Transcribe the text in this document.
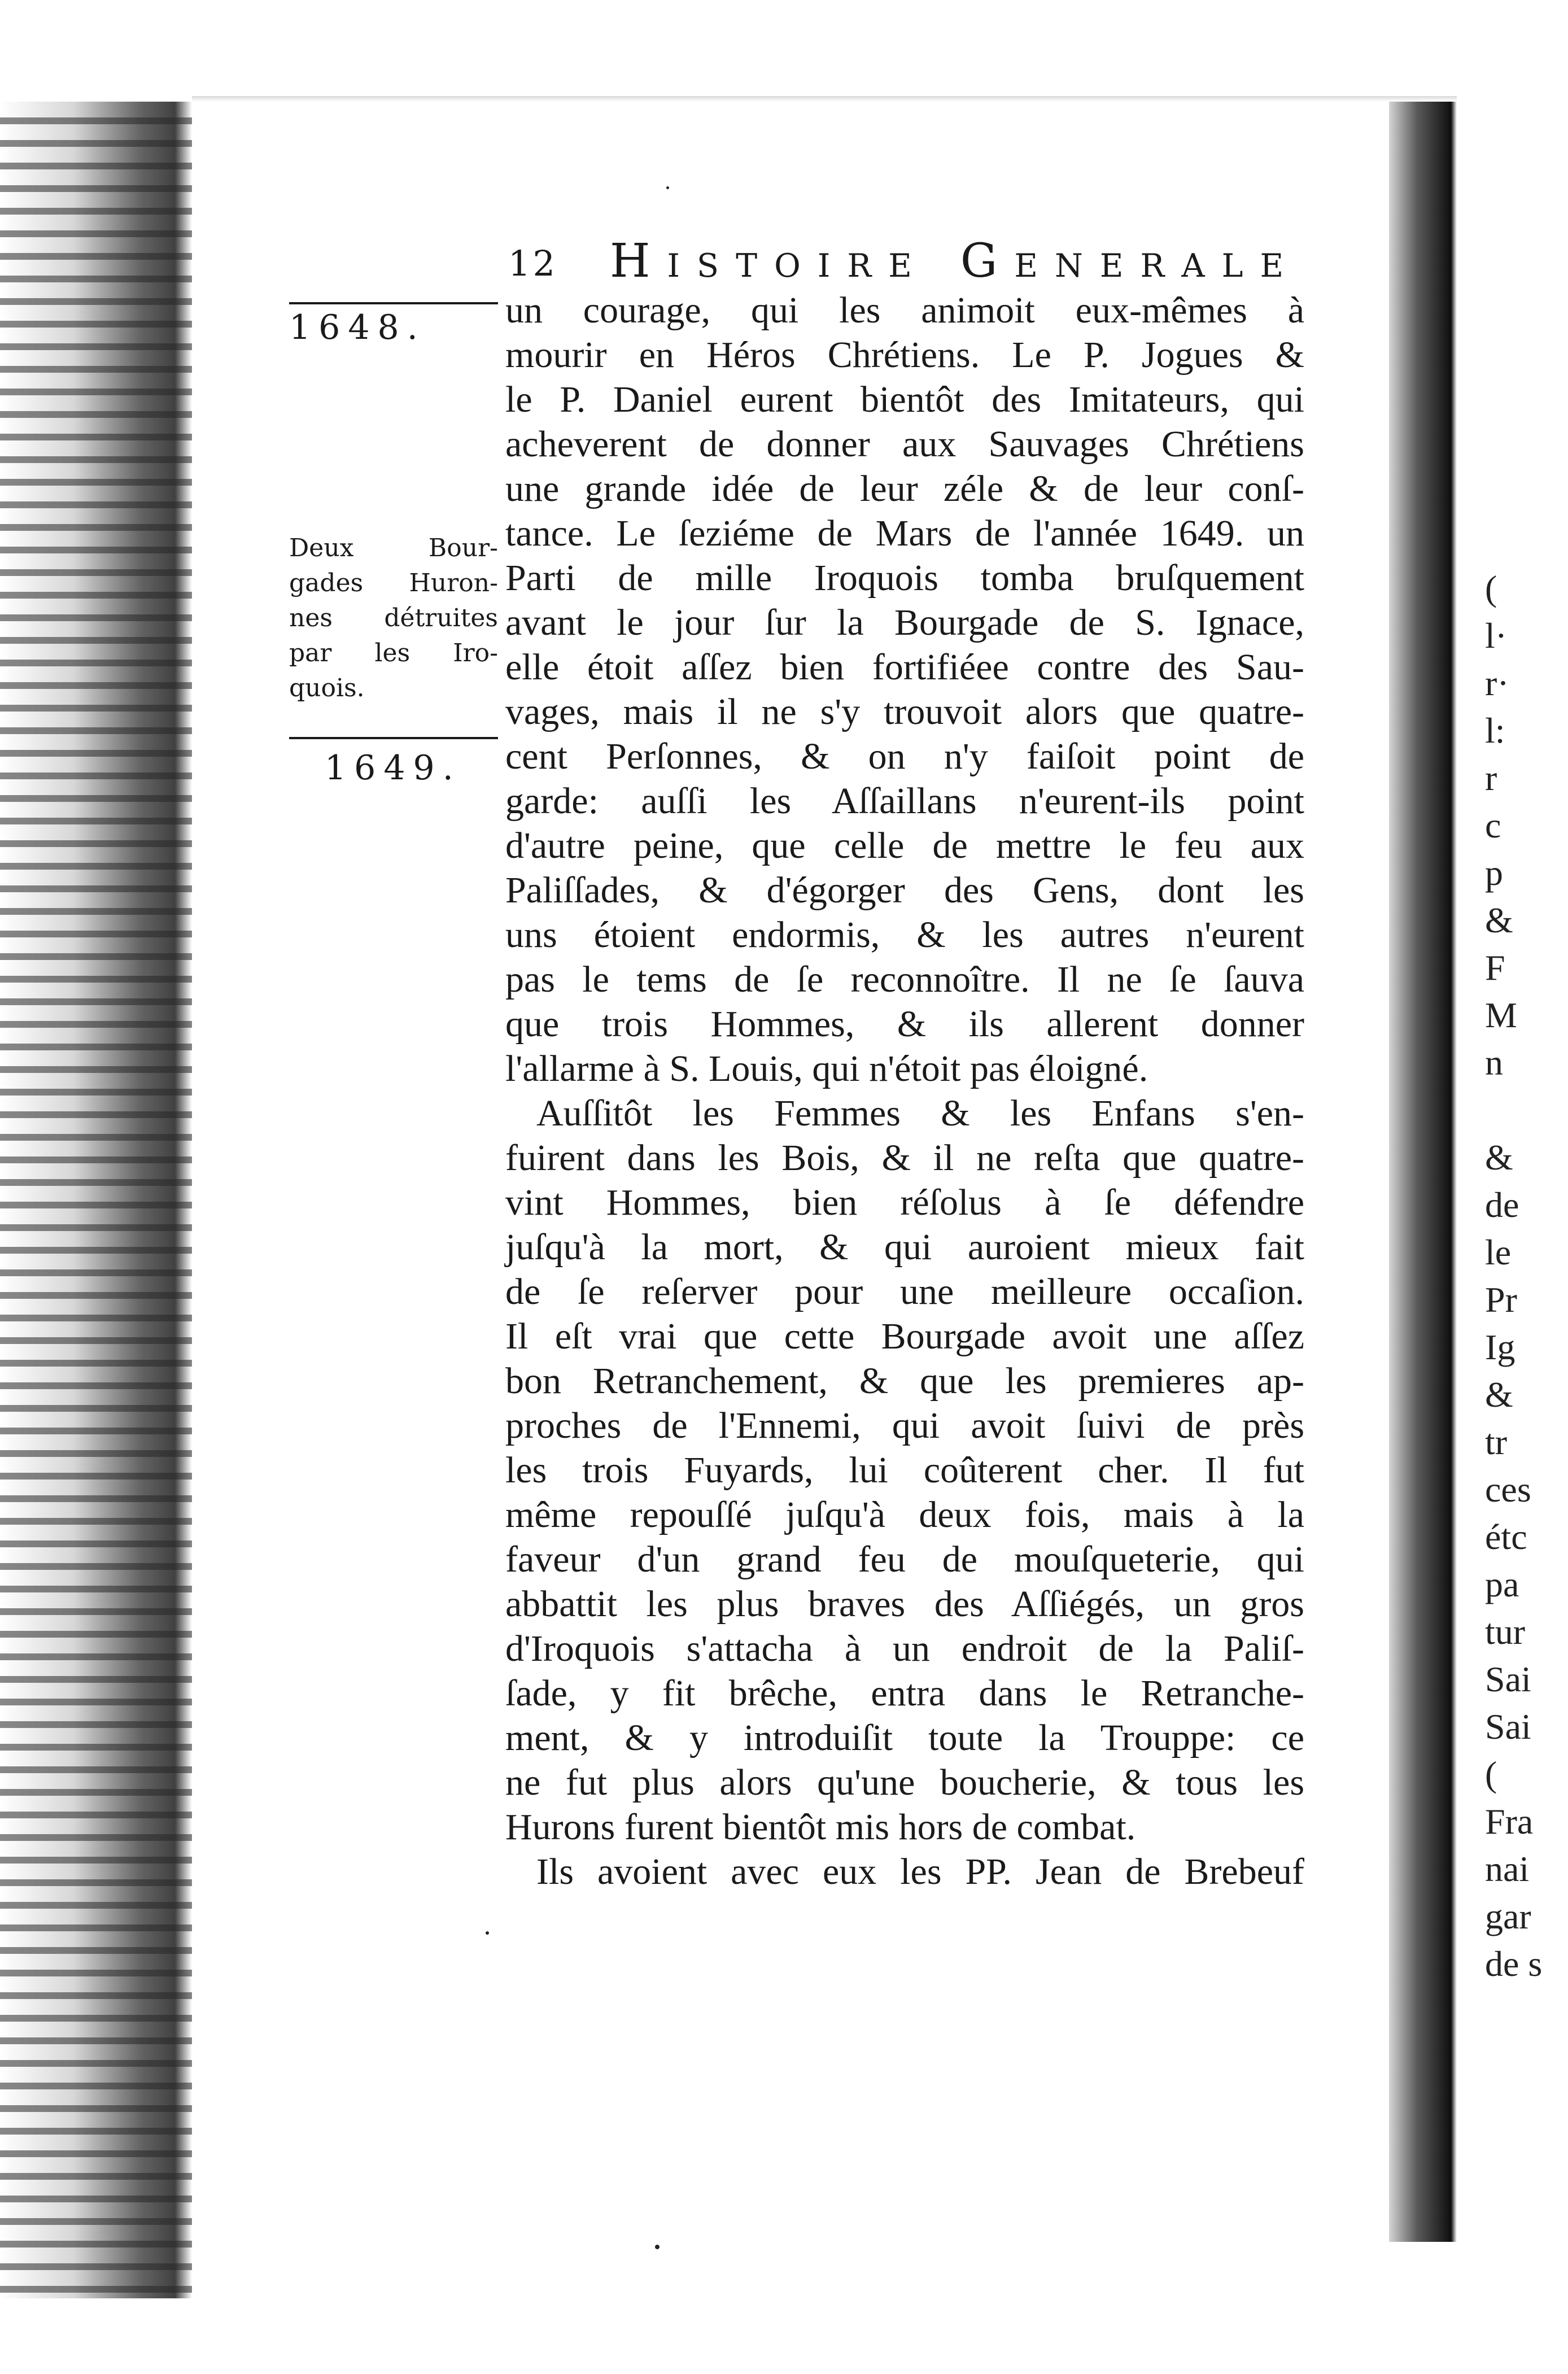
12 Histoire Generale
1648.
Deux Bour-
gades Huron-
nes détruites
par les Iro-
quois.
1649.
un courage, qui les animoit eux-mêmes à
mourir en Héros Chrétiens. Le P. Jogues &
le P. Daniel eurent bientôt des Imitateurs, qui
acheverent de donner aux Sauvages Chrétiens
une grande idée de leur zéle & de leur conſ-
tance. Le ſeziéme de Mars de l'année 1649. un
Parti de mille Iroquois tomba bruſquement
avant le jour ſur la Bourgade de S. Ignace,
elle étoit aſſez bien fortifiéee contre des Sau-
vages, mais il ne s'y trouvoit alors que quatre-
cent Perſonnes, & on n'y faiſoit point de
garde: auſſi les Aſſaillans n'eurent-ils point
d'autre peine, que celle de mettre le feu aux
Paliſſades, & d'égorger des Gens, dont les
uns étoient endormis, & les autres n'eurent
pas le tems de ſe reconnoître. Il ne ſe ſauva
que trois Hommes, & ils allerent donner
l'allarme à S. Louis, qui n'étoit pas éloigné.
Auſſitôt les Femmes & les Enfans s'en-
fuirent dans les Bois, & il ne reſta que quatre-
vint Hommes, bien réſolus à ſe défendre
juſqu'à la mort, & qui auroient mieux fait
de ſe reſerver pour une meilleure occaſion.
Il eſt vrai que cette Bourgade avoit une aſſez
bon Retranchement, & que les premieres ap-
proches de l'Ennemi, qui avoit ſuivi de près
les trois Fuyards, lui coûterent cher. Il fut
même repouſſé juſqu'à deux fois, mais à la
faveur d'un grand feu de mouſqueterie, qui
abbattit les plus braves des Aſſiégés, un gros
d'Iroquois s'attacha à un endroit de la Paliſ-
ſade, y fit brêche, entra dans le Retranche-
ment, & y introduiſit toute la Trouppe: ce
ne fut plus alors qu'une boucherie, & tous les
Hurons furent bientôt mis hors de combat.
Ils avoient avec eux les PP. Jean de Brebeuf
(
l·
r·
l:
r
c
p
&
F
M
n
&
de
le
Pr
Ig
&
tr
ces
étc
pa
tur
Sai
Sai
(
Fra
nai
gar
de s
